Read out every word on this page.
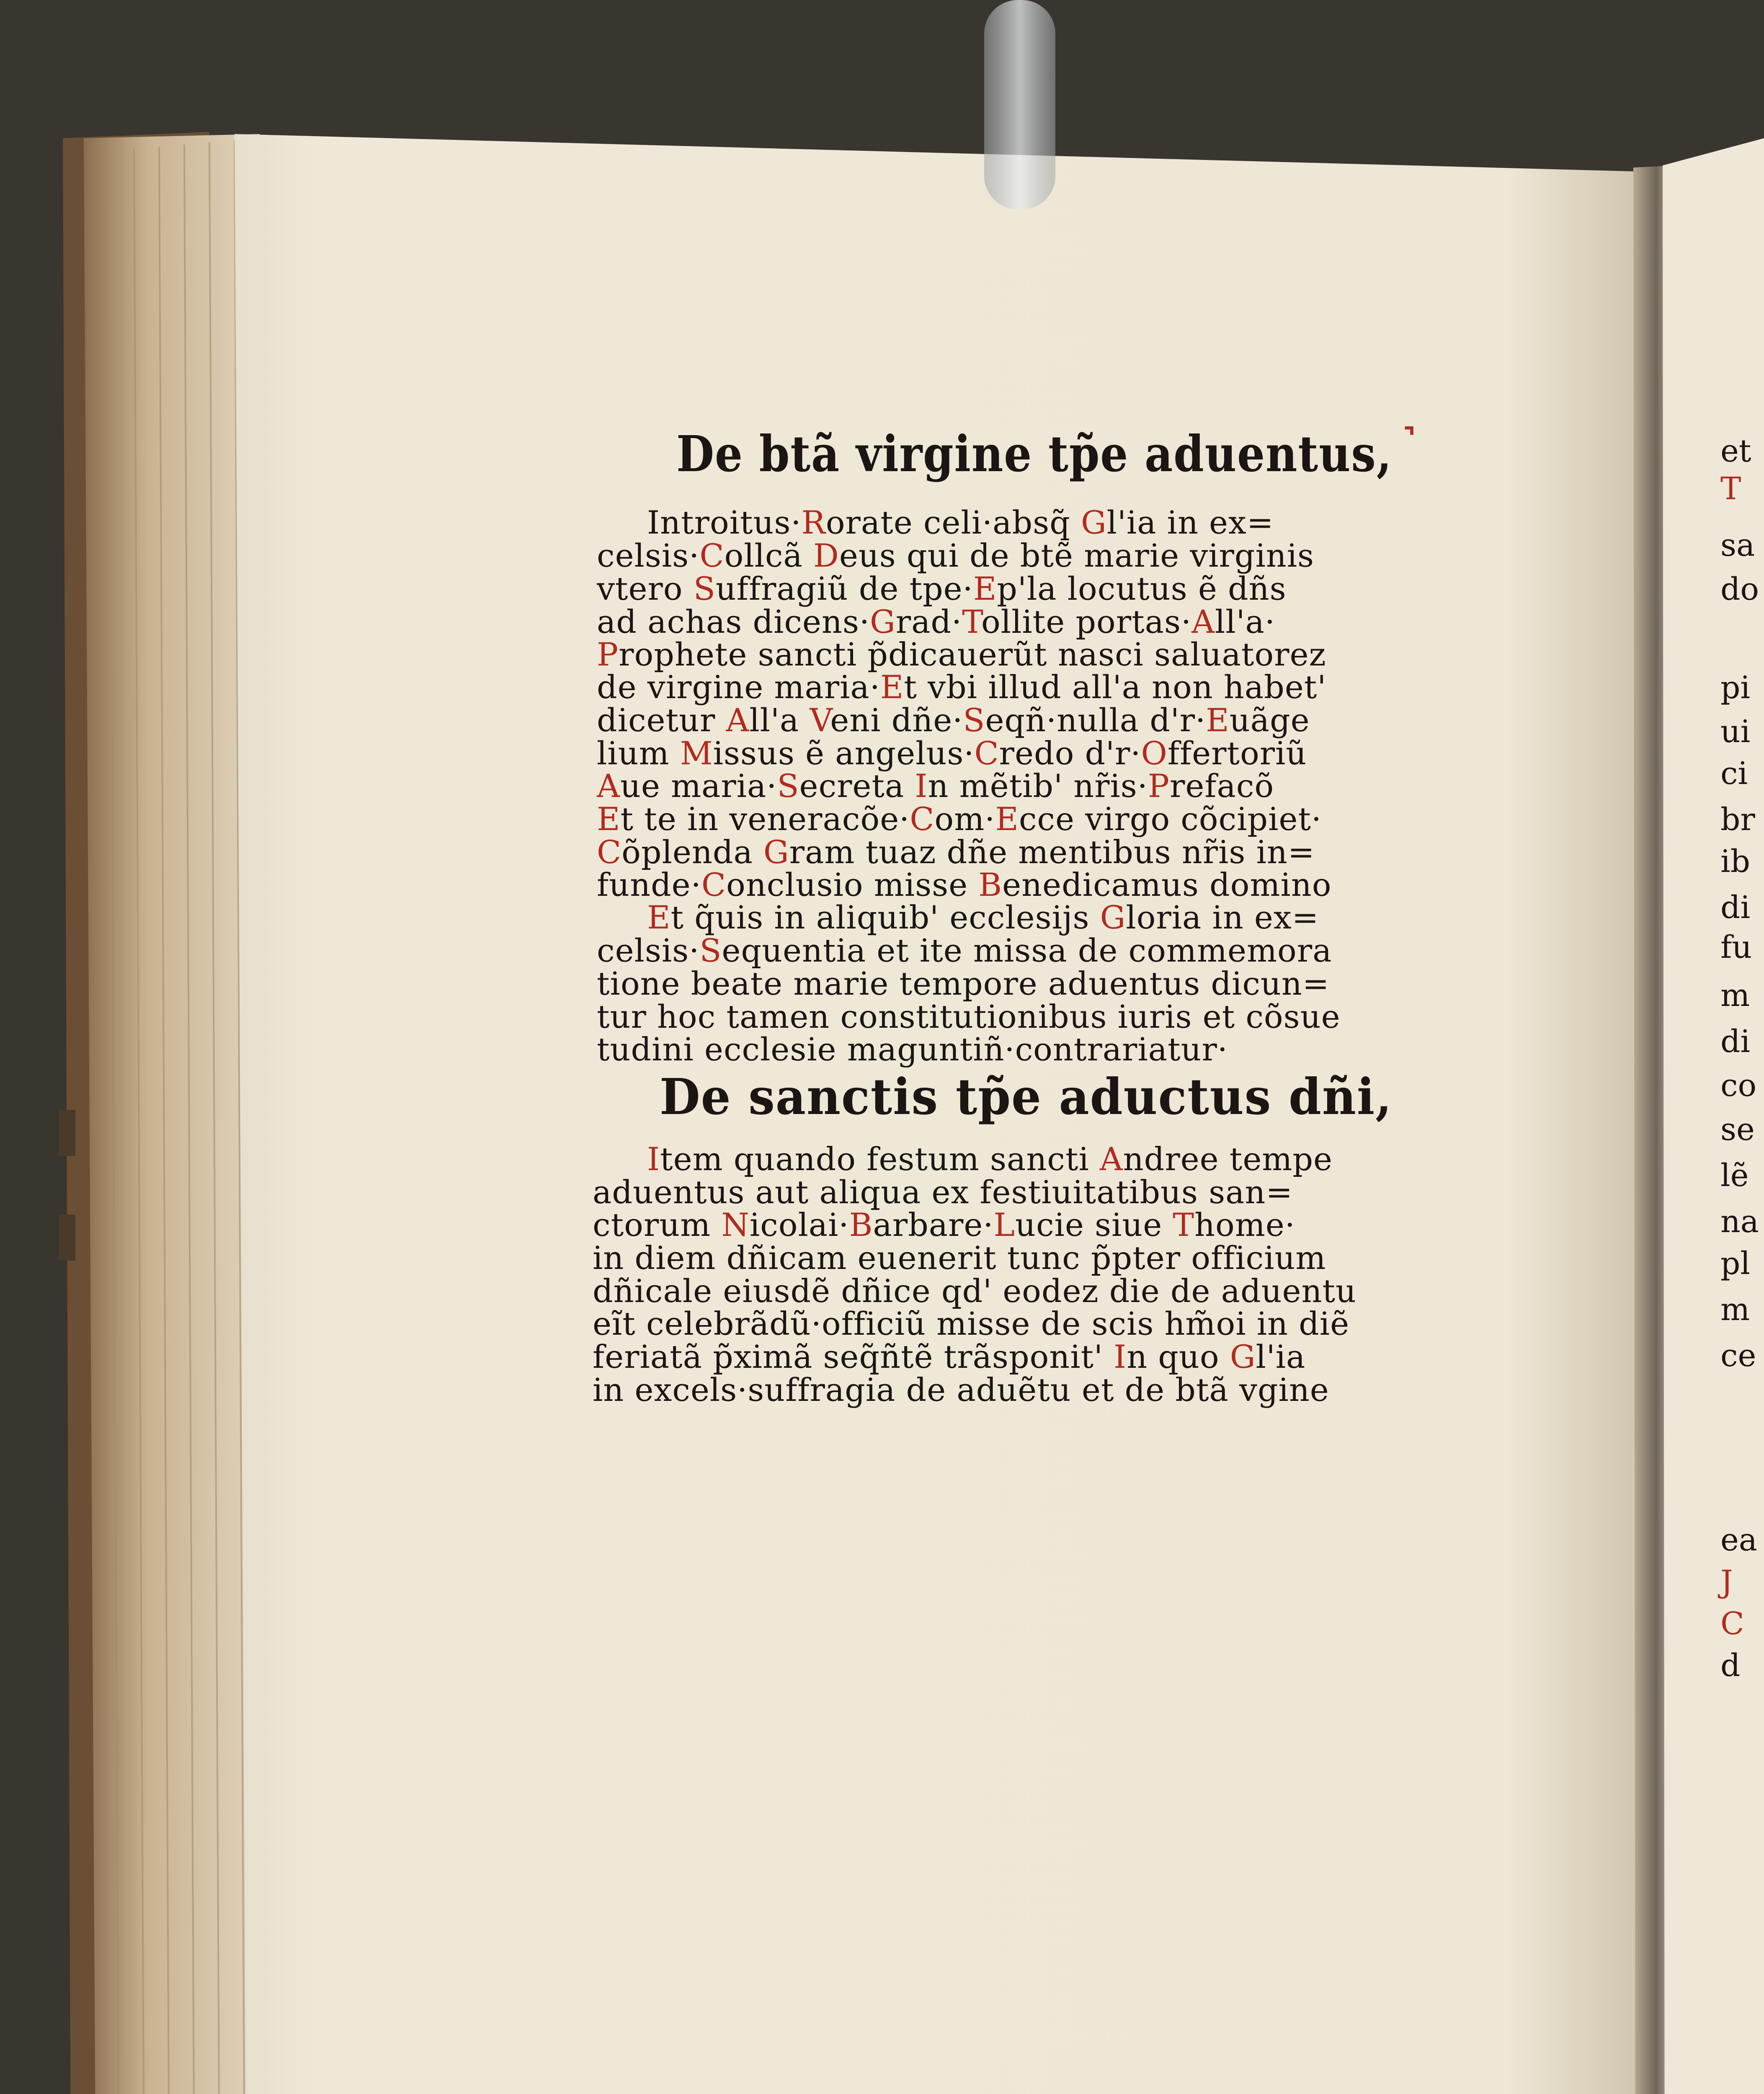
De btã virgine tp̃e aduentus, ˺
Introitus·Rorate celi·absq̃ Gl'ia in ex=
celsis·Collcã Deus qui de btẽ marie virginis
vtero Suffragiũ de tpe·Ep'la locutus ẽ dñs
ad achas dicens·Grad·Tollite portas·All'a·
Prophete sancti p̃dicauerũt nasci saluatorez
de virgine maria·Et vbi illud all'a non habet'
dicetur All'a Veni dñe·Seqñ·nulla d'r·Euãge
lium Missus ẽ angelus·Credo d'r·Offertoriũ
Aue maria·Secreta In mẽtib' nr̃is·Prefacõ
Et te in veneracõe·Com·Ecce virgo cõcipiet·
Cõplenda Gram tuaz dñe mentibus nr̃is in=
funde·Conclusio misse Benedicamus domino
Et q̃uis in aliquib' ecclesijs Gloria in ex=
celsis·Sequentia et ite missa de commemora
tione beate marie tempore aduentus dicun=
tur hoc tamen constitutionibus iuris et cõsue
tudini ecclesie maguntiñ·contrariatur·
De sanctis tp̃e aductus dñi,
Item quando festum sancti Andree tempe
aduentus aut aliqua ex festiuitatibus san=
ctorum Nicolai·Barbare·Lucie siue Thome·
in diem dñicam euenerit tunc p̃pter officium
dñicale eiusdẽ dñice qd' eodez die de aduentu
eĩt celebrãdũ·officiũ misse de scis hm̃oi in diẽ
feriatã p̃ximã seq̃ñtẽ trãsponit' In quo Gl'ia
in excels·suffragia de aduẽtu et de btã vgine
et
T
sa
do
pi
ui
ci
br
ib
di
fu
m
di
co
se
lẽ
na
pl
m
ce
ea
J
C
d
